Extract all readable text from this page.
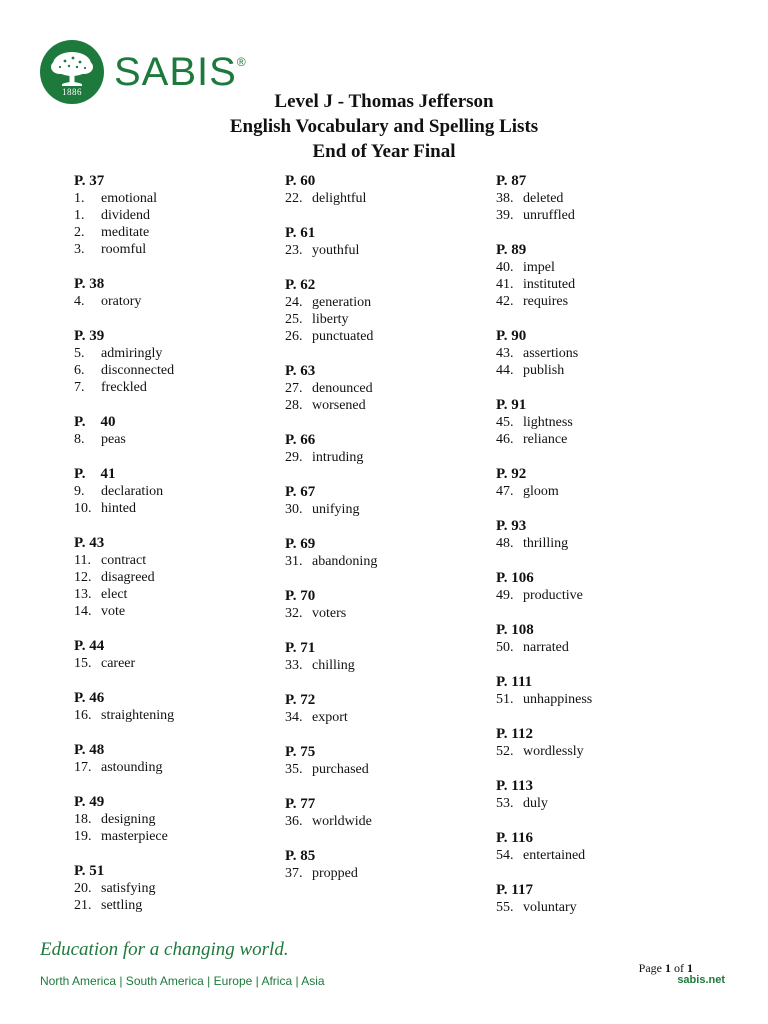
1886 SABIS®
Level J - Thomas Jefferson
English Vocabulary and Spelling Lists
End of Year Final
P. 37
1.	emotional
1.	dividend
2.	meditate
3.	roomful
P. 38
4.	oratory
P. 39
5.	admiringly
6.	disconnected
7.	freckled
P.    40
8.	peas
P.    41
9.	declaration
10. hinted
P. 43
11. contract
12. disagreed
13. elect
14. vote
P. 44
15. career
P. 46
16. straightening
P. 48
17. astounding
P. 49
18. designing
19. masterpiece
P. 51
20. satisfying
21. settling
P. 60
22. delightful
P. 61
23. youthful
P. 62
24. generation
25. liberty
26. punctuated
P. 63
27. denounced
28. worsened
P. 66
29. intruding
P. 67
30. unifying
P. 69
31. abandoning
P. 70
32. voters
P. 71
33. chilling
P. 72
34. export
P. 75
35. purchased
P. 77
36. worldwide
P. 85
37. propped
P. 87
38. deleted
39. unruffled
P. 89
40. impel
41. instituted
42. requires
P. 90
43. assertions
44. publish
P. 91
45. lightness
46. reliance
P. 92
47. gloom
P. 93
48. thrilling
P. 106
49. productive
P. 108
50. narrated
P. 111
51. unhappiness
P. 112
52. wordlessly
P. 113
53. duly
P. 116
54. entertained
P. 117
55. voluntary
Education for a changing world.
North America | South America | Europe | Africa | Asia
Page 1 of 1
sabis.net
